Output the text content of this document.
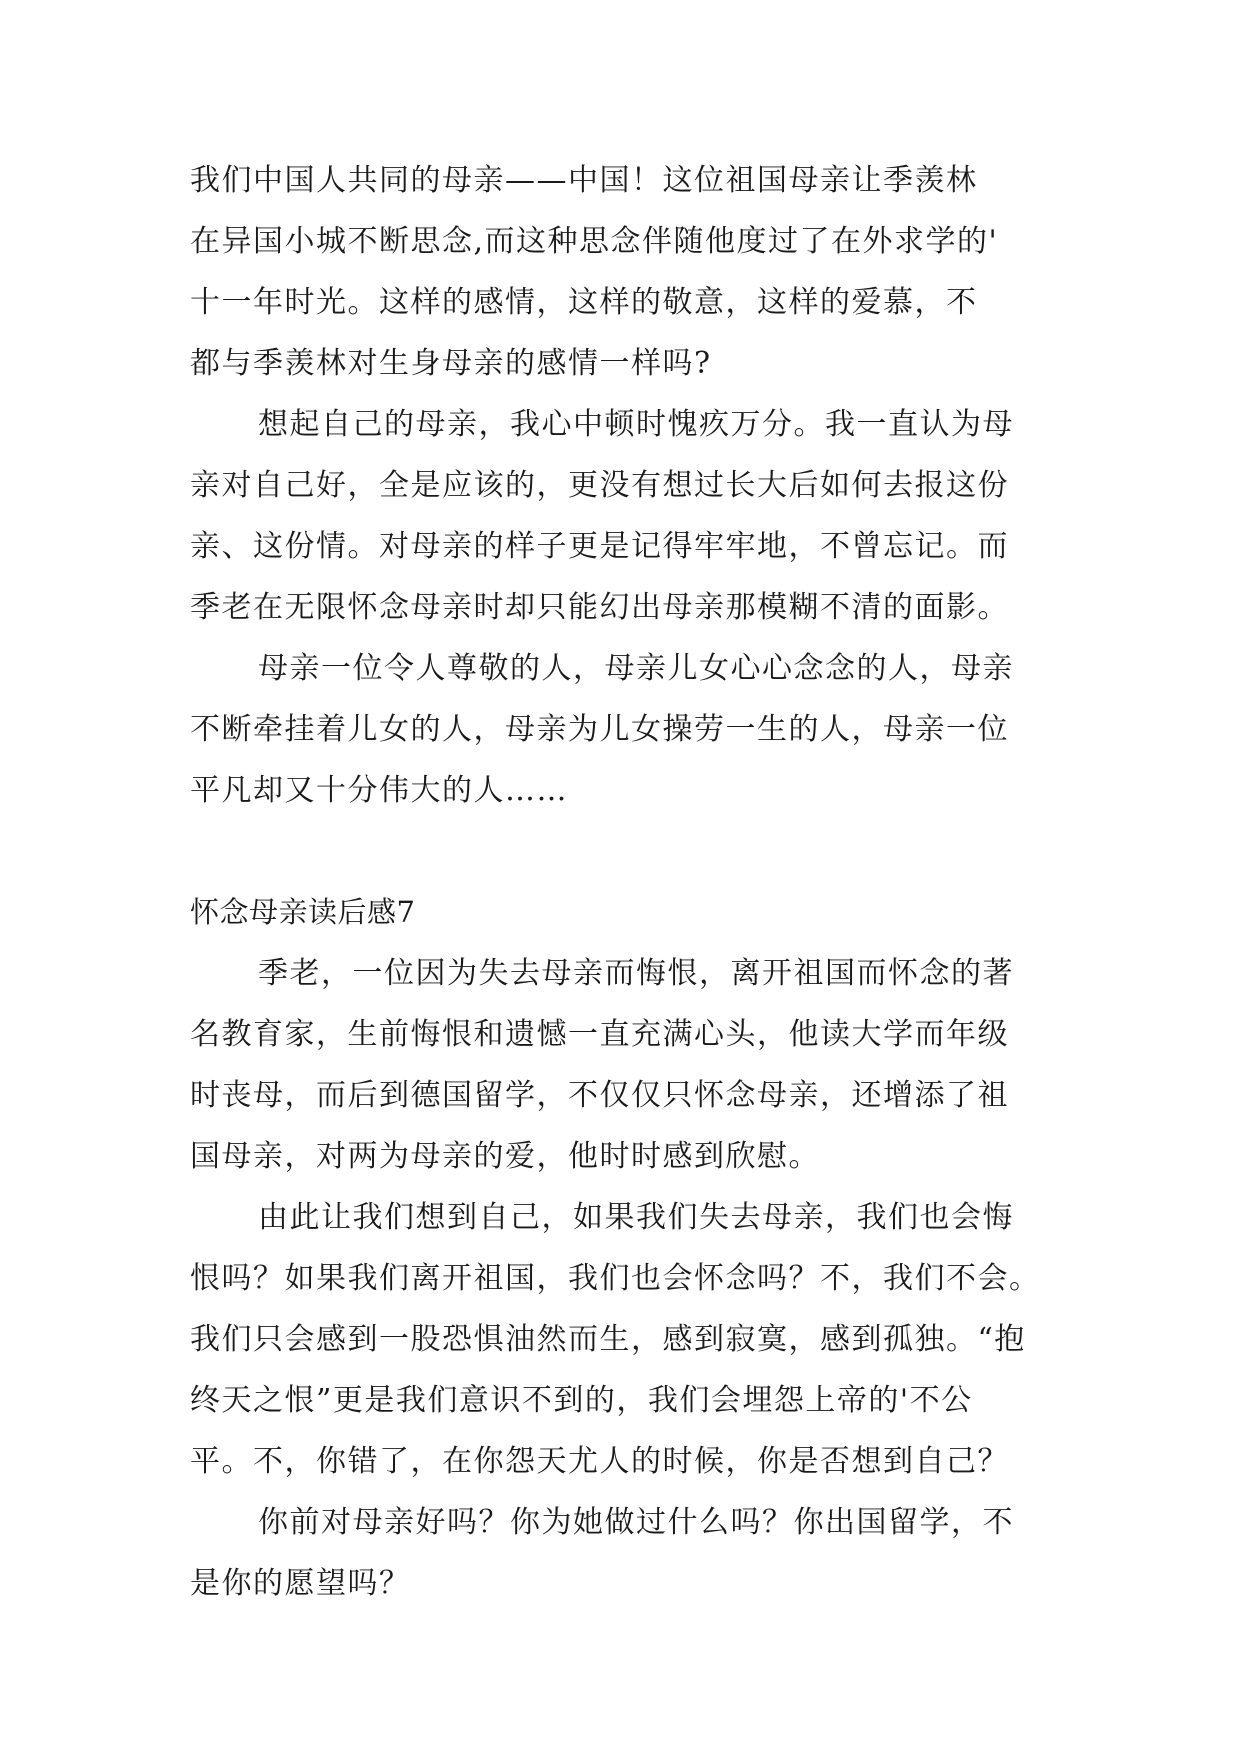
我们中国人共同的母亲——中国！这位祖国母亲让季羡林
在异国小城不断思念,而这种思念伴随他度过了在外求学的'
十一年时光。这样的感情，这样的敬意，这样的爱慕，不
都与季羡林对生身母亲的感情一样吗?
想起自己的母亲，我心中顿时愧疚万分。我一直认为母
亲对自己好，全是应该的，更没有想过长大后如何去报这份
亲、这份情。对母亲的样子更是记得牢牢地，不曾忘记。而
季老在无限怀念母亲时却只能幻出母亲那模糊不清的面影。
母亲一位令人尊敬的人，母亲儿女心心念念的人，母亲
不断牵挂着儿女的人，母亲为儿女操劳一生的人，母亲一位
平凡却又十分伟大的人……
怀念母亲读后感7
季老，一位因为失去母亲而悔恨，离开祖国而怀念的著
名教育家，生前悔恨和遗憾一直充满心头，他读大学而年级
时丧母，而后到德国留学，不仅仅只怀念母亲，还增添了祖
国母亲，对两为母亲的爱，他时时感到欣慰。
由此让我们想到自己，如果我们失去母亲，我们也会悔
恨吗？如果我们离开祖国，我们也会怀念吗？不，我们不会。
我们只会感到一股恐惧油然而生，感到寂寞，感到孤独。“抱
终天之恨”更是我们意识不到的，我们会埋怨上帝的'不公
平。不，你错了，在你怨天尤人的时候，你是否想到自己？
你前对母亲好吗？你为她做过什么吗？你出国留学，不
是你的愿望吗？
